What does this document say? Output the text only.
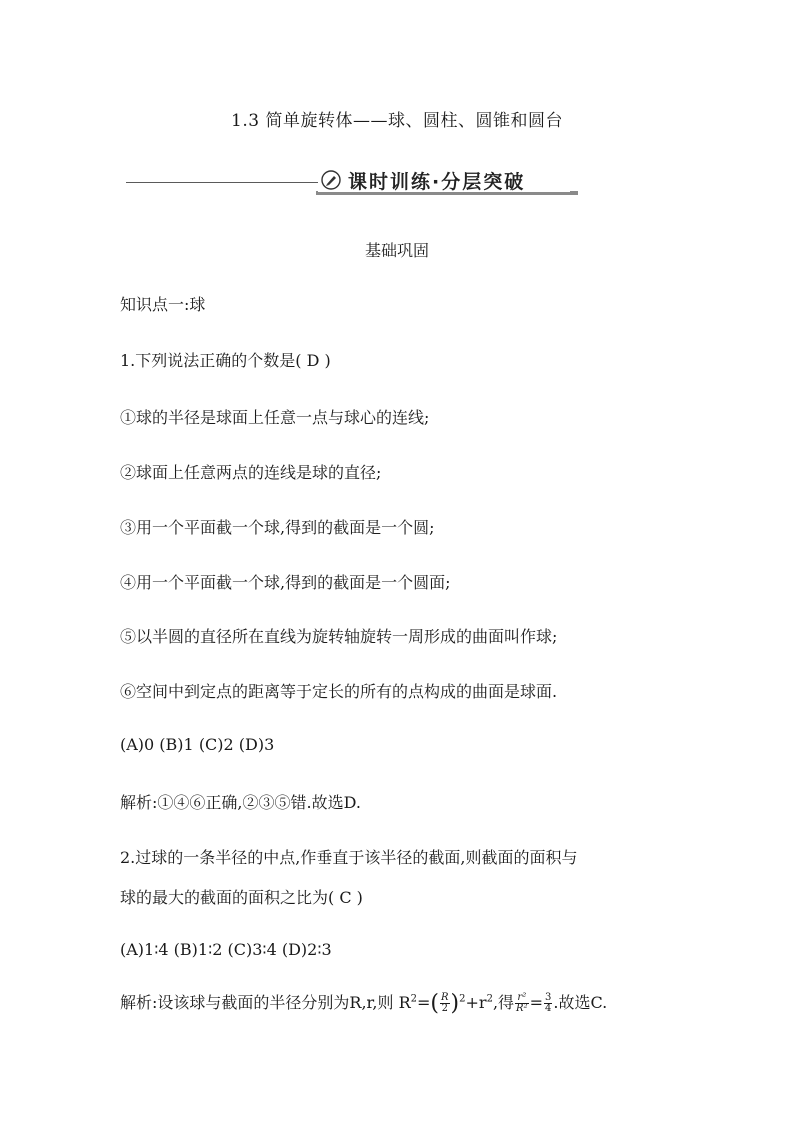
1.3 简单旋转体——球、圆柱、圆锥和圆台
课时训练·分层突破
基础巩固
知识点一:球
1.下列说法正确的个数是( D )
①球的半径是球面上任意一点与球心的连线;
②球面上任意两点的连线是球的直径;
③用一个平面截一个球,得到的截面是一个圆;
④用一个平面截一个球,得到的截面是一个圆面;
⑤以半圆的直径所在直线为旋转轴旋转一周形成的曲面叫作球;
⑥空间中到定点的距离等于定长的所有的点构成的曲面是球面.
(A)0 (B)1 (C)2 (D)3
解析:①④⑥正确,②③⑤错.故选D.
2.过球的一条半径的中点,作垂直于该半径的截面,则截面的面积与
球的最大的截面的面积之比为( C )
(A)1∶4 (B)1∶2 (C)3∶4 (D)2∶3
解析:设该球与截面的半径分别为R,r,则 $R^2=( \frac{R}{2} )^2+r^2$,得 $\frac{\text{r²}}{\text{R²}} = \frac{3}{4}$ .故选C.
